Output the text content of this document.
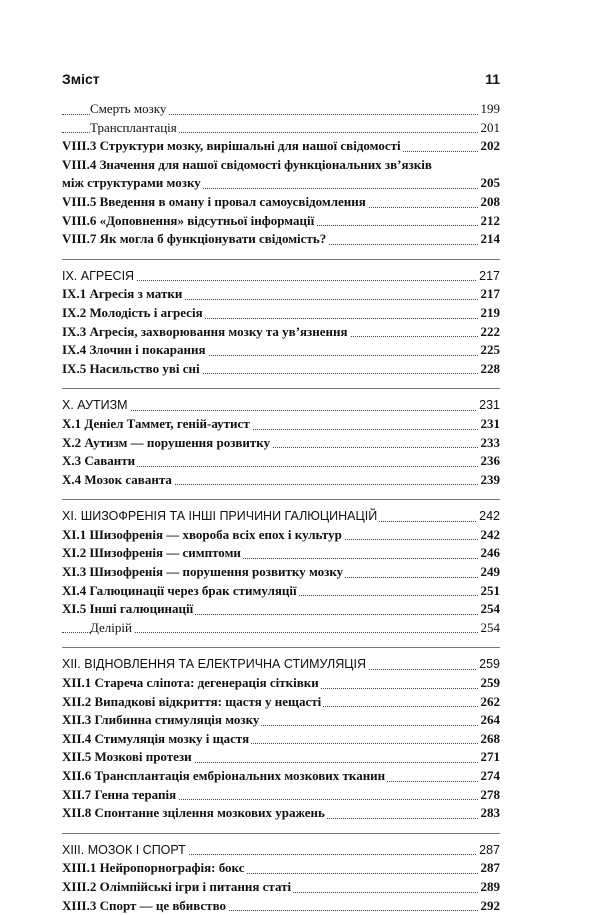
Зміст	11
Смерть мозку	199
Трансплантація	201
VIII.3 Структури мозку, вирішальні для нашої свідомості	202
VIII.4 Значення для нашої свідомості функціональних зв’язків
між структурами мозку	205
VIII.5 Введення в оману і провал самоусвідомлення	208
VIII.6 «Доповнення» відсутньої інформації	212
VIII.7 Як могла б функціонувати свідомість?	214
IX. АГРЕСІЯ	217
IX.1 Агресія з матки	217
IX.2 Молодість і агресія	219
IX.3 Агресія, захворювання мозку та ув’язнення	222
IX.4 Злочин і покарання	225
IX.5 Насильство уві сні	228
X. АУТИЗМ	231
X.1 Деніел Таммет, геній-аутист	231
X.2 Аутизм — порушення розвитку	233
X.3 Саванти	236
X.4 Мозок саванта	239
XI. ШИЗОФРЕНІЯ ТА ІНШІ ПРИЧИНИ ГАЛЮЦИНАЦІЙ	242
XI.1 Шизофренія — хвороба всіх епох і культур	242
XI.2 Шизофренія — симптоми	246
XI.3 Шизофренія — порушення розвитку мозку	249
XI.4 Галюцинації через брак стимуляції	251
XI.5 Інші галюцинації	254
Делірій	254
XII. ВІДНОВЛЕННЯ ТА ЕЛЕКТРИЧНА СТИМУЛЯЦІЯ	259
XII.1 Стареча сліпота: дегенерація сітківки	259
XII.2 Випадкові відкриття: щастя у нещасті	262
XII.3 Глибинна стимуляція мозку	264
XII.4 Стимуляція мозку і щастя	268
XII.5 Мозкові протези	271
XII.6 Трансплантація ембріональних мозкових тканин	274
XII.7 Генна терапія	278
XII.8 Спонтанне зцілення мозкових уражень	283
XIII. МОЗОК І СПОРТ	287
XIII.1 Нейропорнографія: бокс	287
XIII.2 Олімпійські ігри і питання статі	289
XIII.3 Спорт — це вбивство	292
